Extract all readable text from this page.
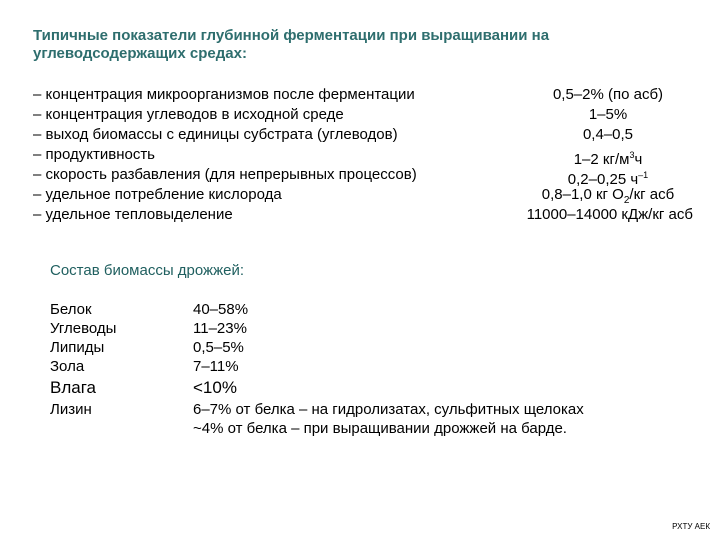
Типичные показатели глубинной ферментации при выращивании на углеводсодержащих средах:
– концентрация микроорганизмов после ферментации	0,5–2% (по асб)
– концентрация углеводов в исходной среде	1–5%
– выход биомассы с единицы субстрата (углеводов)	0,4–0,5
– продуктивность	1–2 $кг/м^3ч$
– скорость разбавления (для непрерывных процессов)	0,2–0,25 $ч^{-1}$
– удельное потребление кислорода	0,8–1,0 кг $О_2/кг$ асб
– удельное тепловыделение	11000–14000 кДж/кг асб
Состав биомассы дрожжей:
Белок	40–58%
Углеводы	11–23%
Липиды	0,5–5%
Зола	7–11%
Влага	<10%
Лизин	6–7% от белка – на гидролизатах, сульфитных щелоках
~4% от белка – при выращивании дрожжей на барде.
РХТУ АЕК
